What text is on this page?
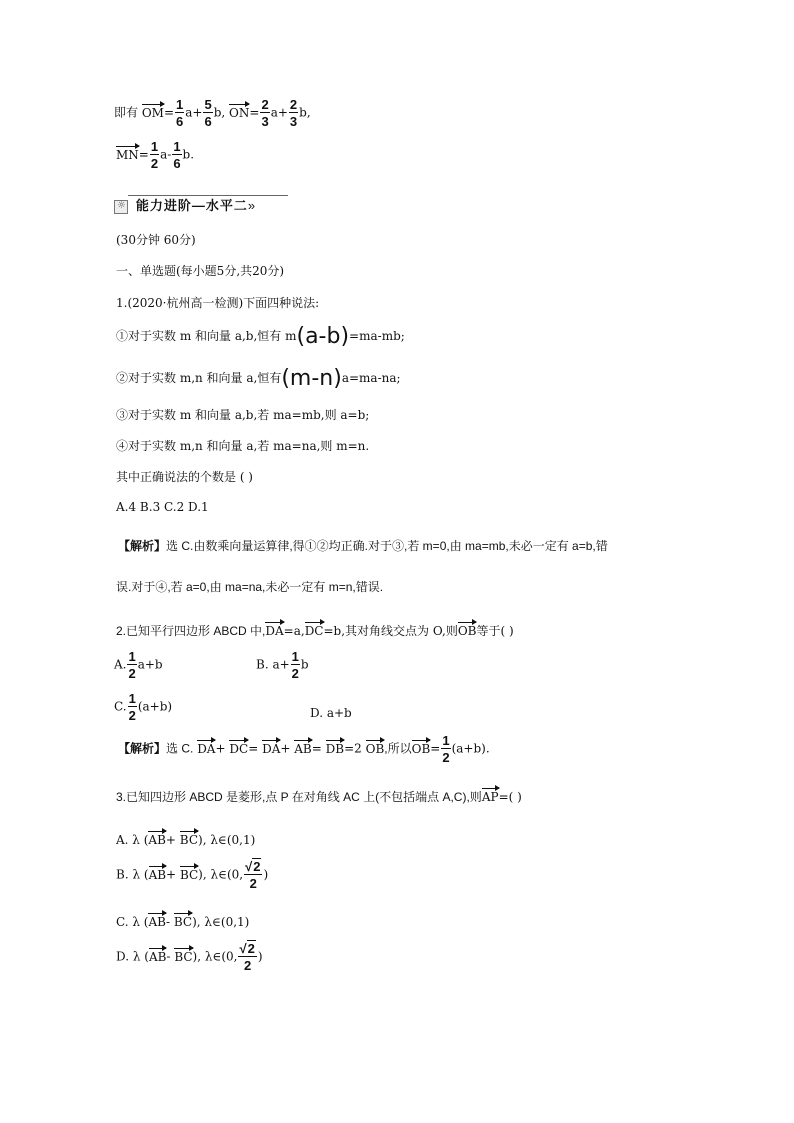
即有 $OM= \frac{1}{6} a+ \frac{5}{6} b$, $ON= \frac{2}{3} a+ \frac{2}{3} b$,
$MN= \frac{1}{2} a- \frac{1}{6} b$.
☼ 能力进阶—水平二»
(30分钟 60分)
一、单选题(每小题5分,共20分)
1.(2020·杭州高一检测)下面四种说法:
①对于实数 m 和向量 a,b,恒有 m(a-b)=ma-mb;
②对于实数 m,n 和向量 a,恒有(m-n)a=ma-na;
③对于实数 m 和向量 a,b,若 ma=mb,则 a=b;
④对于实数 m,n 和向量 a,若 ma=na,则 m=n.
其中正确说法的个数是 ( )
A.4 B.3 C.2 D.1
【解析】选 C.由数乘向量运算律,得①②均正确.对于③,若 m=0,由 ma=mb,未必一定有 a=b,错
误.对于④,若 a=0,由 ma=na,未必一定有 m=n,错误.
2.已知平行四边形 ABCD 中,DA=a,DC=b,其对角线交点为 O,则OB等于( )
A. $\frac{1}{2} a+b$	B. $a+ \frac{1}{2}$ b
C. $\frac{1}{2} (a+b)$	D. a+b
【解析】选 C. DA+ DC= DA+ AB= DB=2 OB,所以$OB= \frac{1}{2} (a+b)$.
3.已知四边形 ABCD 是菱形,点 P 在对角线 AC 上(不包括端点 A,C),则AP=( )
A. λ (AB+ BC), λ∈(0,1)
B. λ (AB+ BC), λ∈(0, $\frac{√2}{2}$ )
C. λ (AB- BC), λ∈(0,1)
D. λ (AB- BC), λ∈(0, $\frac{√2}{2}$ )
